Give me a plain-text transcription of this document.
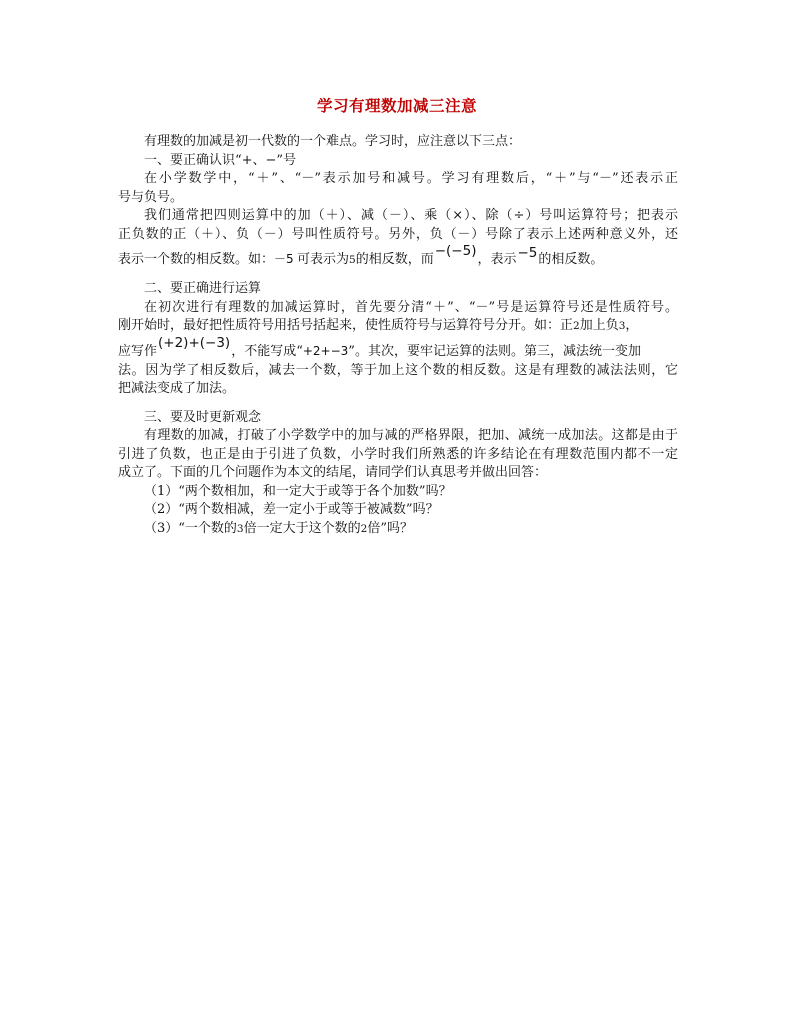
学习有理数加减三注意
有理数的加减是初一代数的一个难点。学习时，应注意以下三点：
一、要正确认识“+、−”号
在小学数学中，“＋”、“－”表示加号和减号。学习有理数后，“＋”与“－”还表示正
号与负号。
我们通常把四则运算中的加（＋）、减（－）、乘（×）、除（÷）号叫运算符号；把表示
正负数的正（＋）、负（－）号叫性质符号。另外，负（－）号除了表示上述两种意义外，还
表示一个数的相反数。如：－5 可表示为5的相反数，而−(−5)，表示−5的相反数。
二、要正确进行运算
在初次进行有理数的加减运算时，首先要分清“＋”、“－”号是运算符号还是性质符号。
刚开始时，最好把性质符号用括号括起来，使性质符号与运算符号分开。如：正2加上负3，
应写作(+2)+(−3)，不能写成“+2+−3”。其次，要牢记运算的法则。第三，减法统一变加
法。因为学了相反数后，减去一个数，等于加上这个数的相反数。这是有理数的减法法则，它
把减法变成了加法。
三、要及时更新观念
有理数的加减，打破了小学数学中的加与减的严格界限，把加、减统一成加法。这都是由于
引进了负数，也正是由于引进了负数，小学时我们所熟悉的许多结论在有理数范围内都不一定
成立了。下面的几个问题作为本文的结尾，请同学们认真思考并做出回答：
（1）“两个数相加，和一定大于或等于各个加数”吗？
（2）“两个数相减，差一定小于或等于被减数”吗？
（3）“一个数的3倍一定大于这个数的2倍”吗？
